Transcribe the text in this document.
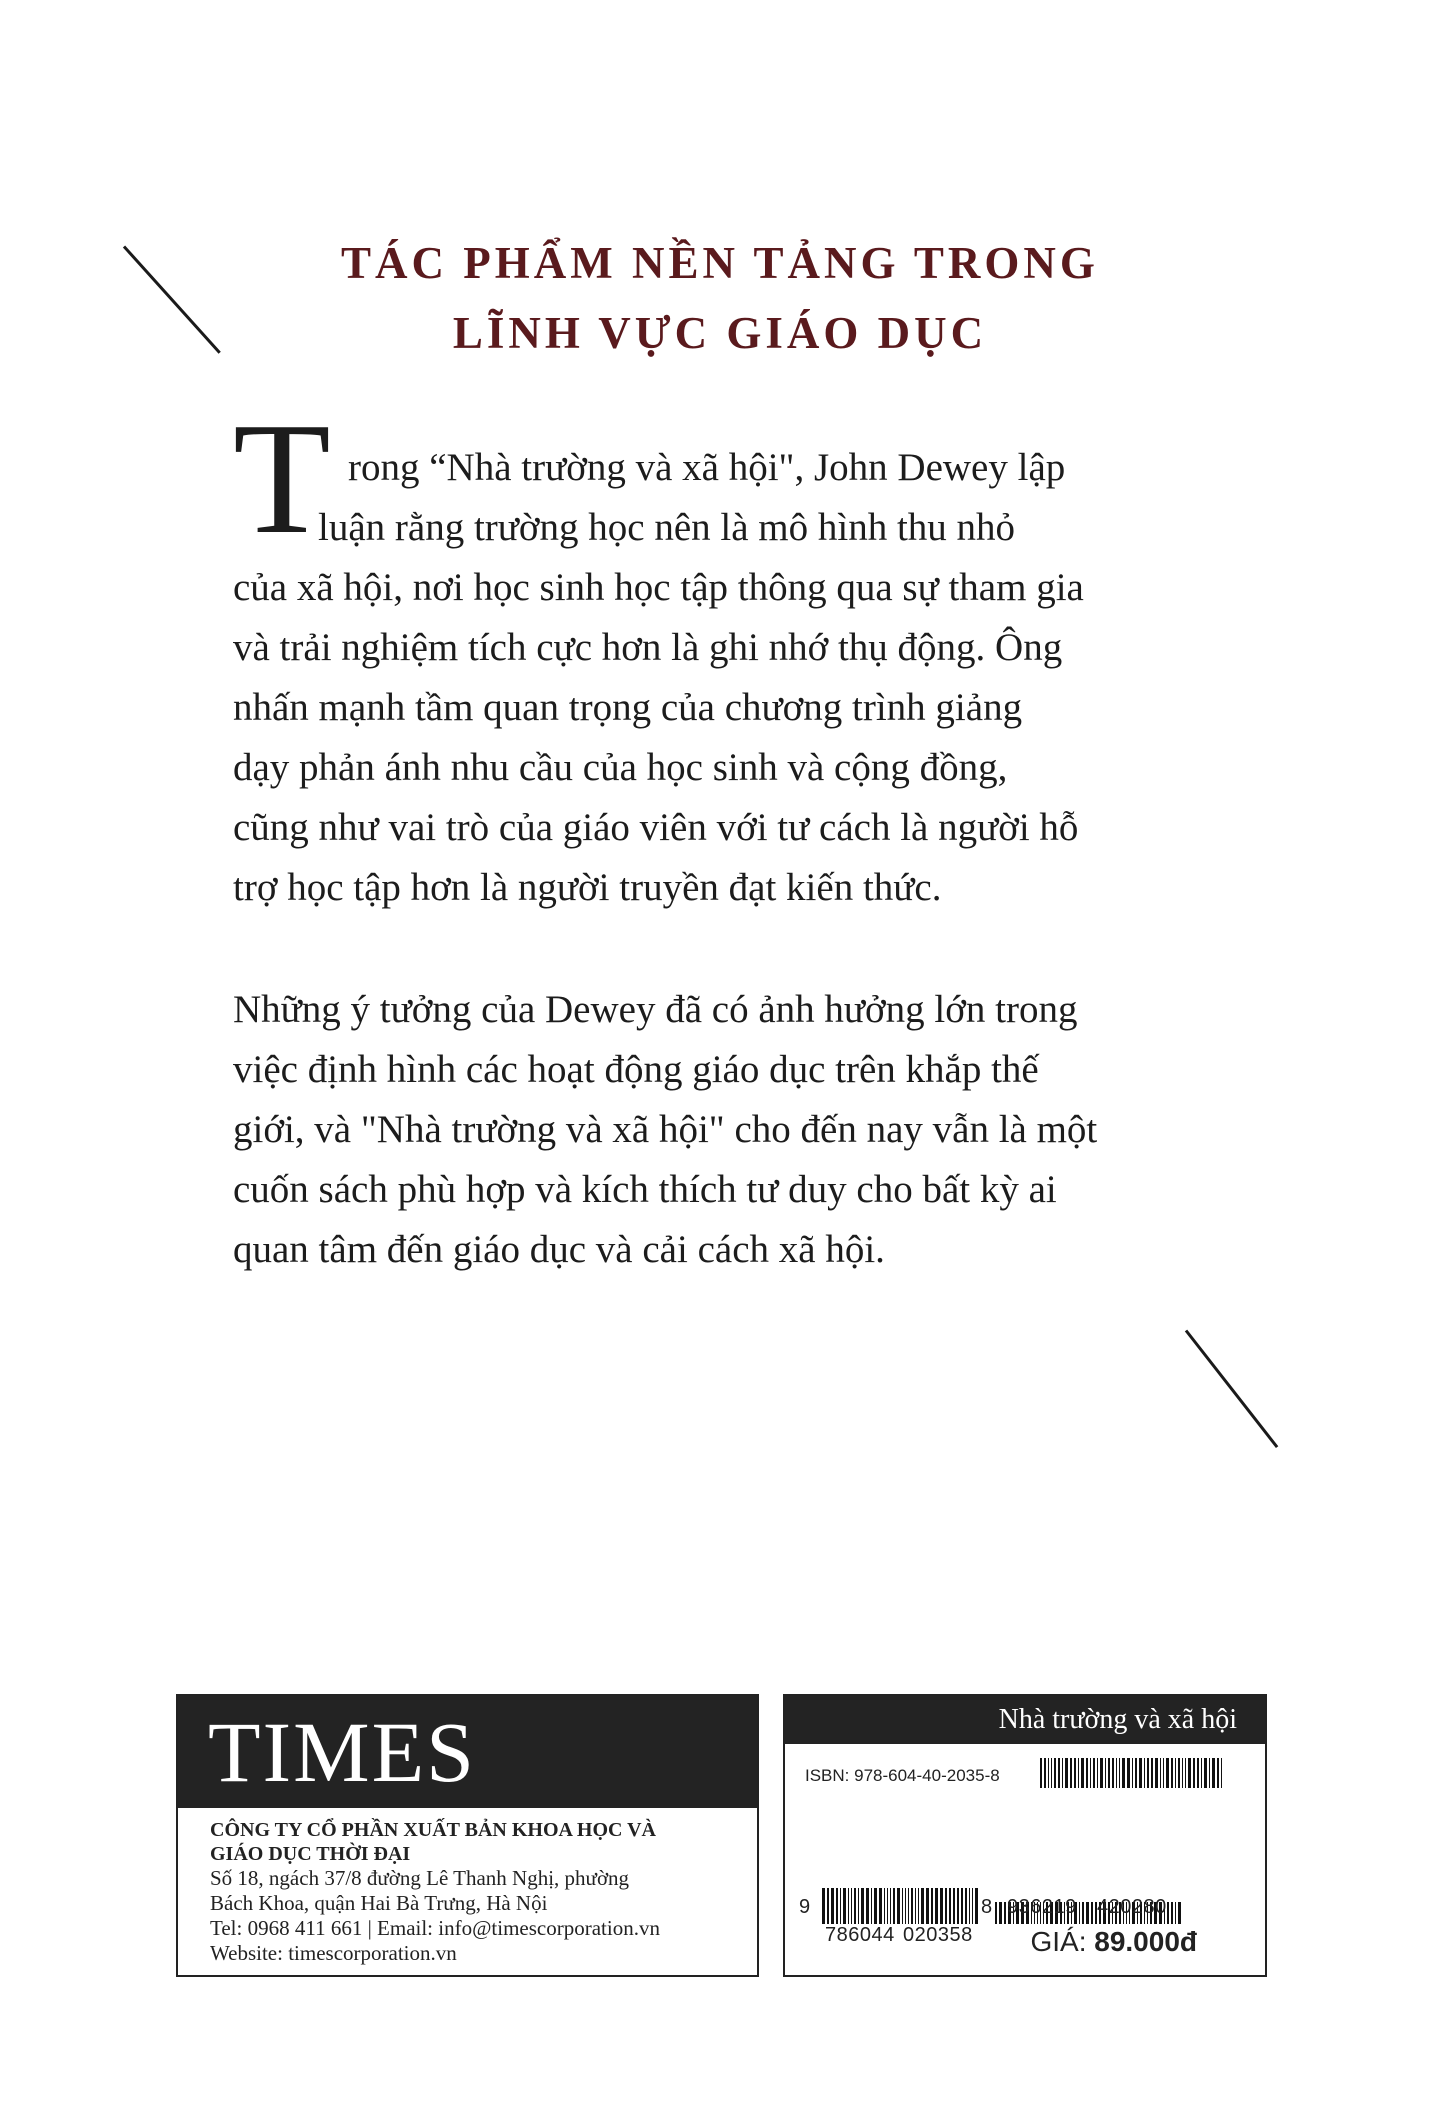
TÁC PHẨM NỀN TẢNG TRONG
LĨNH VỰC GIÁO DỤC
T rong “Nhà trường và xã hội", John Dewey lập
luận rằng trường học nên là mô hình thu nhỏ
của xã hội, nơi học sinh học tập thông qua sự tham gia
và trải nghiệm tích cực hơn là ghi nhớ thụ động. Ông
nhấn mạnh tầm quan trọng của chương trình giảng
dạy phản ánh nhu cầu của học sinh và cộng đồng,
cũng như vai trò của giáo viên với tư cách là người hỗ
trợ học tập hơn là người truyền đạt kiến thức.
Những ý tưởng của Dewey đã có ảnh hưởng lớn trong
việc định hình các hoạt động giáo dục trên khắp thế
giới, và "Nhà trường và xã hội" cho đến nay vẫn là một
cuốn sách phù hợp và kích thích tư duy cho bất kỳ ai
quan tâm đến giáo dục và cải cách xã hội.
TIMES
CÔNG TY CỔ PHẦN XUẤT BẢN KHOA HỌC VÀ
GIÁO DỤC THỜI ĐẠI
Số 18, ngách 37/8 đường Lê Thanh Nghị, phường
Bách Khoa, quận Hai Bà Trưng, Hà Nội
Tel: 0968 411 661 | Email: info@timescorporation.vn
Website: timescorporation.vn
Nhà trường và xã hội
ISBN: 978-604-40-2035-8
9
786044 020358
8 936219 420280
GIÁ: 89.000đ
